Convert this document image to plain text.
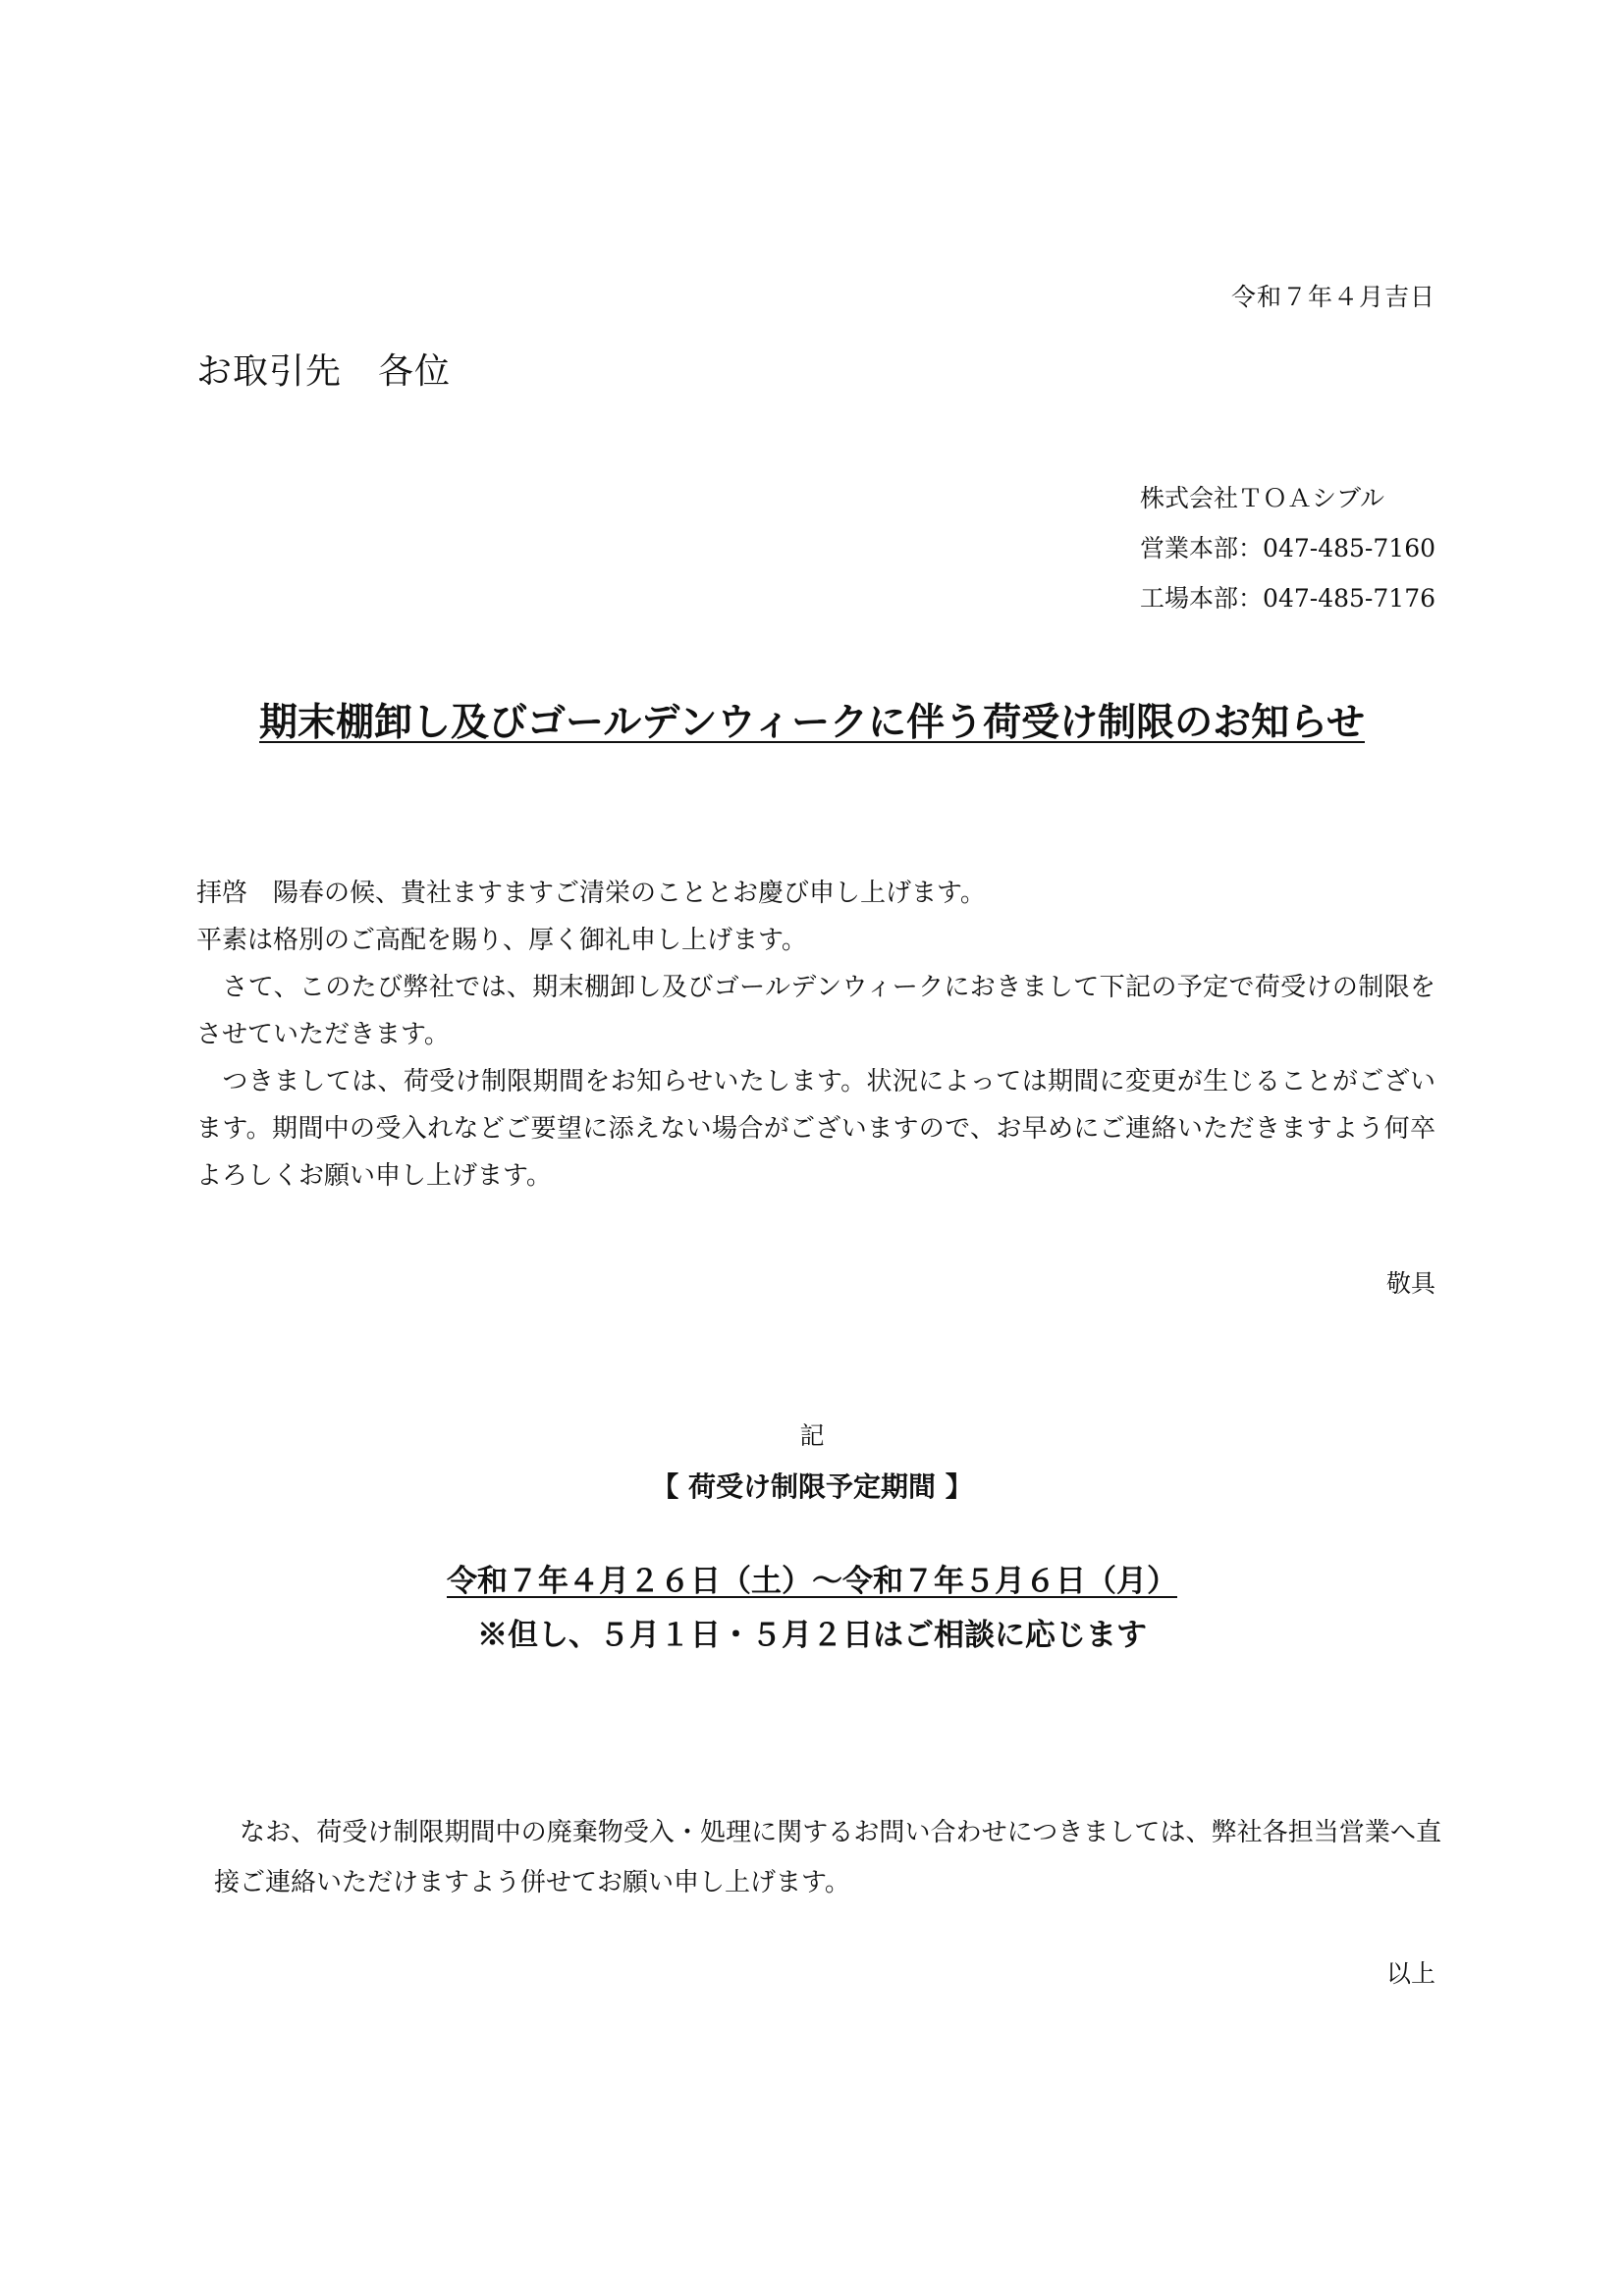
令和７年４月吉日
お取引先　各位
株式会社ＴＯＡシブル
営業本部：047-485-7160
工場本部：047-485-7176
期末棚卸し及びゴールデンウィークに伴う荷受け制限のお知らせ

拝啓　陽春の候、貴社ますますご清栄のこととお慶び申し上げます。

平素は格別のご高配を賜り、厚く御礼申し上げます。

　さて、このたび弊社では、期末棚卸し及びゴールデンウィークにおきまして下記の予定で荷受けの制限をさせていただきます。

　つきましては、荷受け制限期間をお知らせいたします。状況によっては期間に変更が生じることがございます。期間中の受入れなどご要望に添えない場合がございますので、お早めにご連絡いただきますよう何卒よろしくお願い申し上げます。

敬具
記
【 荷受け制限予定期間 】
令和７年４月２６日（土）～令和７年５月６日（月）
※但し、５月１日・５月２日はご相談に応じます

　なお、荷受け制限期間中の廃棄物受入・処理に関するお問い合わせにつきましては、弊社各担当営業へ直接ご連絡いただけますよう併せてお願い申し上げます。

以上
